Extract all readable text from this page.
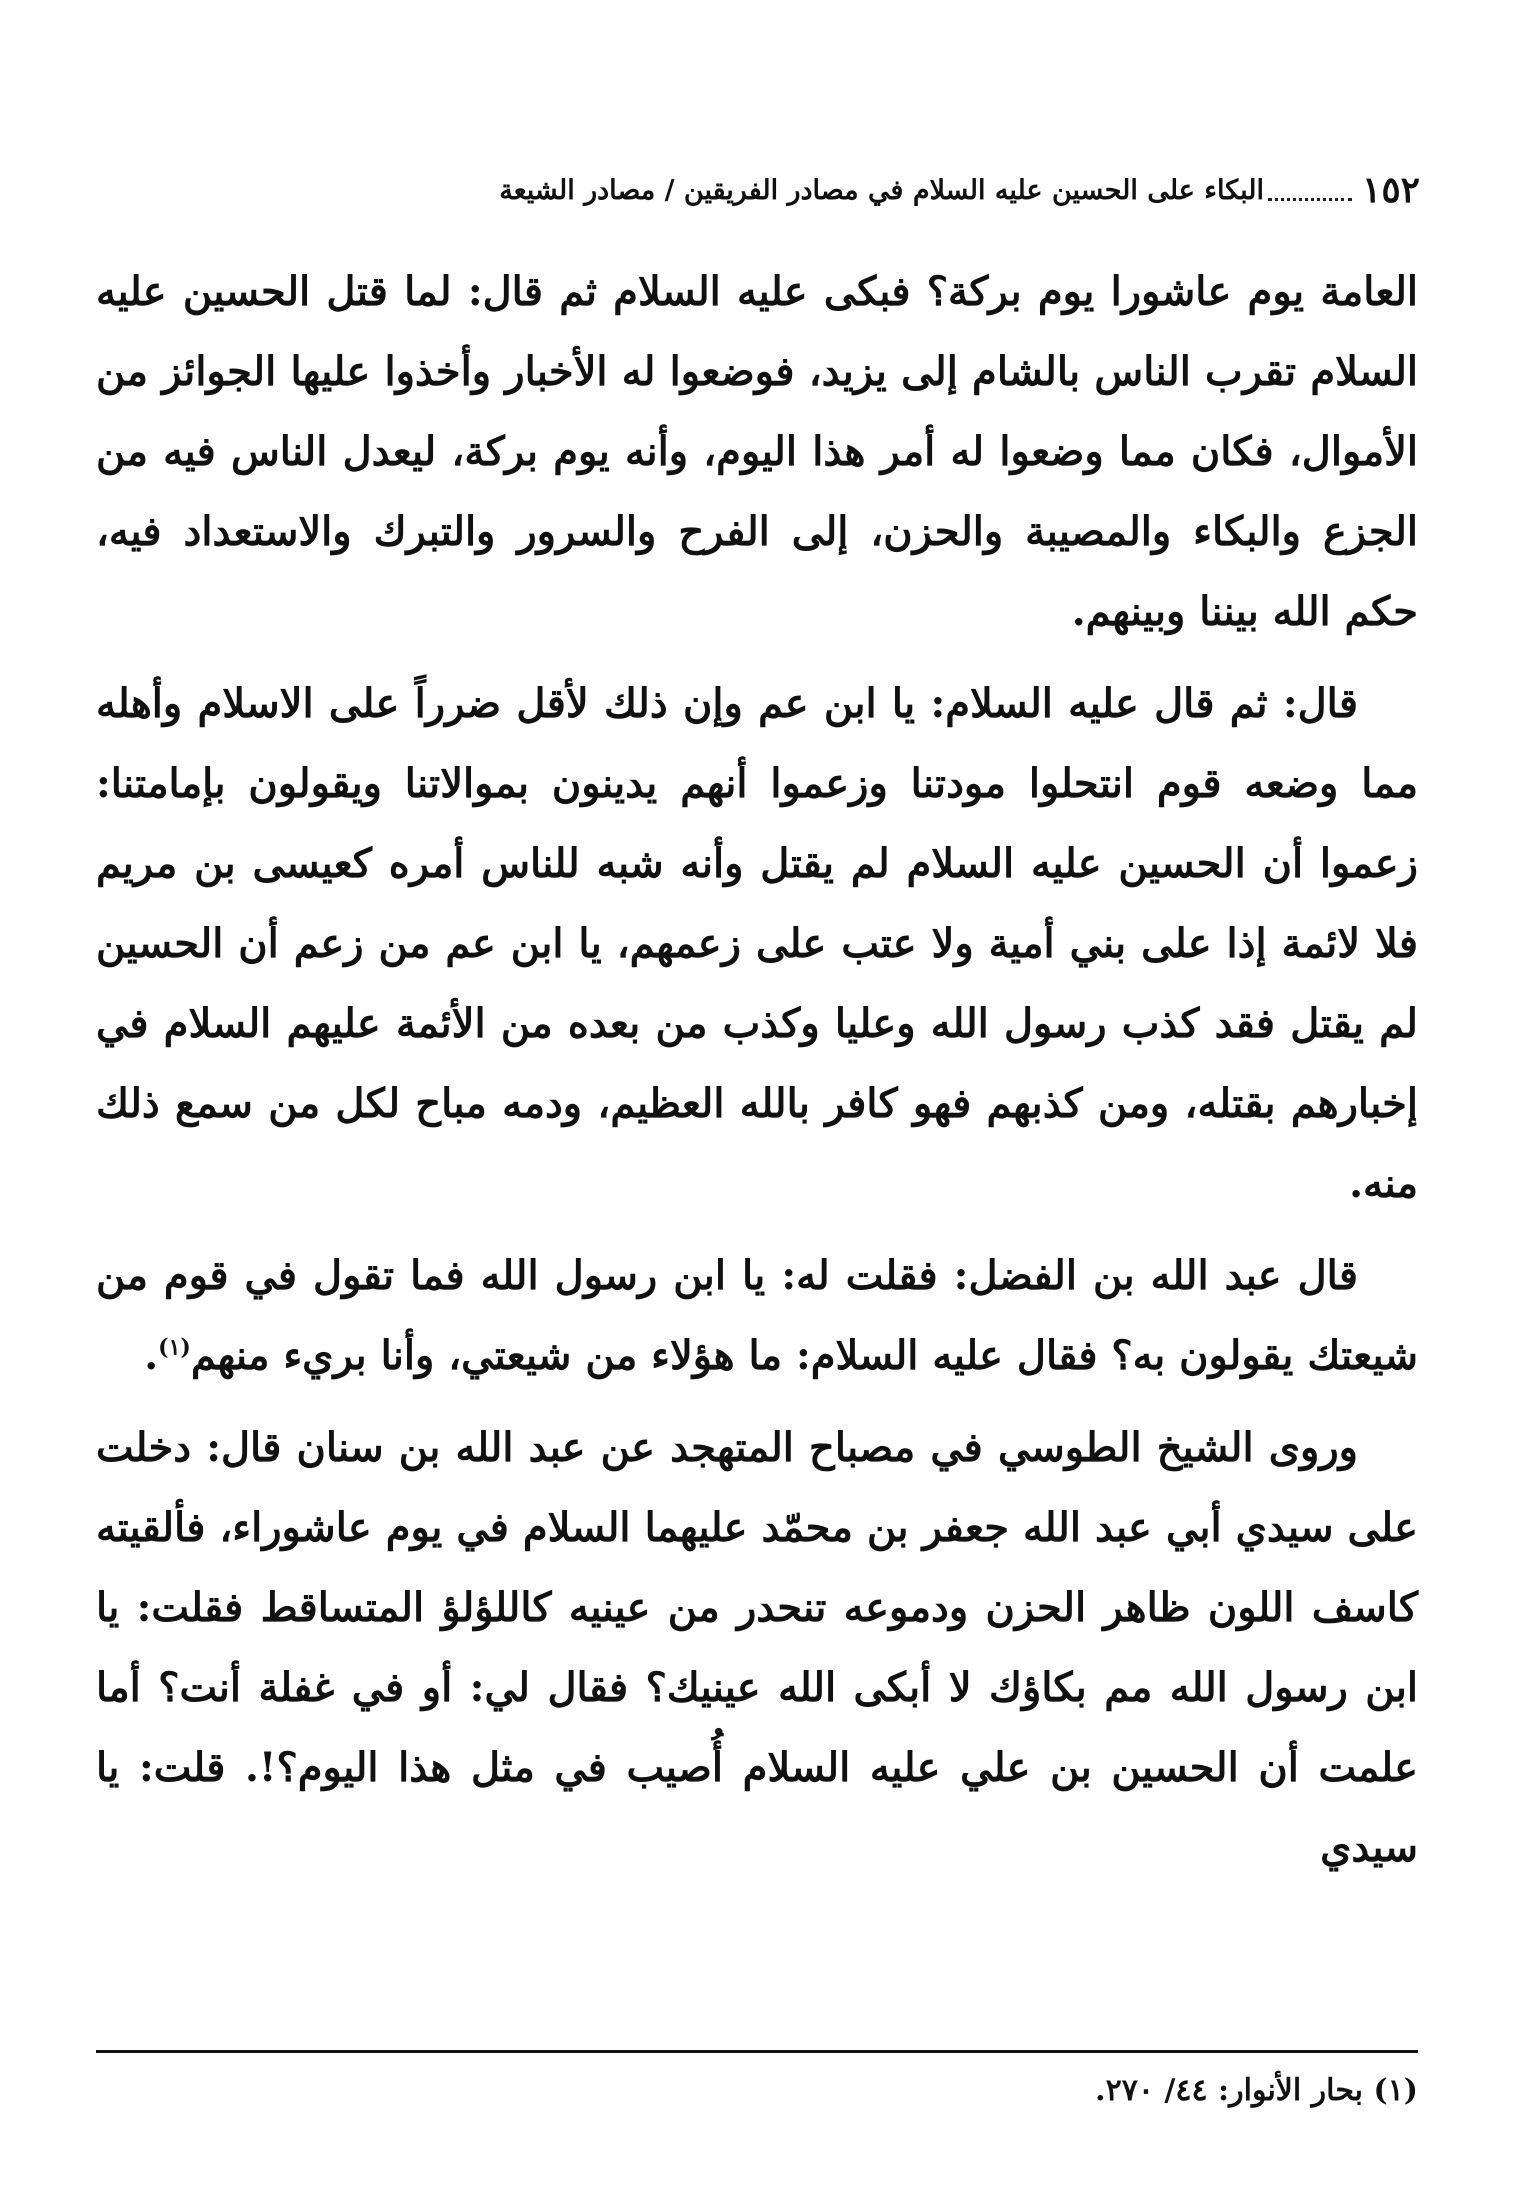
١٥٢
البكاء على الحسين عليه السلام في مصادر الفريقين / مصادر الشيعة

العامة يوم عاشورا يوم بركة؟ فبكى عليه السلام ثم قال: لما قتل الحسين عليه السلام تقرب الناس بالشام إلى يزيد، فوضعوا له الأخبار وأخذوا عليها الجوائز من الأموال، فكان مما وضعوا له أمر هذا اليوم، وأنه يوم بركة، ليعدل الناس فيه من الجزع والبكاء والمصيبة والحزن، إلى الفرح والسرور والتبرك والاستعداد فيه، حكم الله بيننا وبينهم.

قال: ثم قال عليه السلام: يا ابن عم وإن ذلك لأقل ضرراً على الاسلام وأهله مما وضعه قوم انتحلوا مودتنا وزعموا أنهم يدينون بموالاتنا ويقولون بإمامتنا: زعموا أن الحسين عليه السلام لم يقتل وأنه شبه للناس أمره كعيسى بن مريم فلا لائمة إذا على بني أمية ولا عتب على زعمهم، يا ابن عم من زعم أن الحسين لم يقتل فقد كذب رسول الله وعليا وكذب من بعده من الأئمة عليهم السلام في إخبارهم بقتله، ومن كذبهم فهو كافر بالله العظيم، ودمه مباح لكل من سمع ذلك منه.

قال عبد الله بن الفضل: فقلت له: يا ابن رسول الله فما تقول في قوم من شيعتك يقولون به؟ فقال عليه السلام: ما هؤلاء من شيعتي، وأنا بريء منهم$^{(١)}$.

وروى الشيخ الطوسي في مصباح المتهجد عن عبد الله بن سنان قال: دخلت على سيدي أبي عبد الله جعفر بن محمّد عليهما السلام في يوم عاشوراء، فألقيته كاسف اللون ظاهر الحزن ودموعه تنحدر من عينيه كاللؤلؤ المتساقط فقلت: يا ابن رسول الله مم بكاؤك لا أبكى الله عينيك؟ فقال لي: أو في غفلة أنت؟ أما علمت أن الحسين بن علي عليه السلام أُصيب في مثل هذا اليوم؟!. قلت: يا سيدي

(١) بحار الأنوار: ٤٤/ ٢٧٠.
